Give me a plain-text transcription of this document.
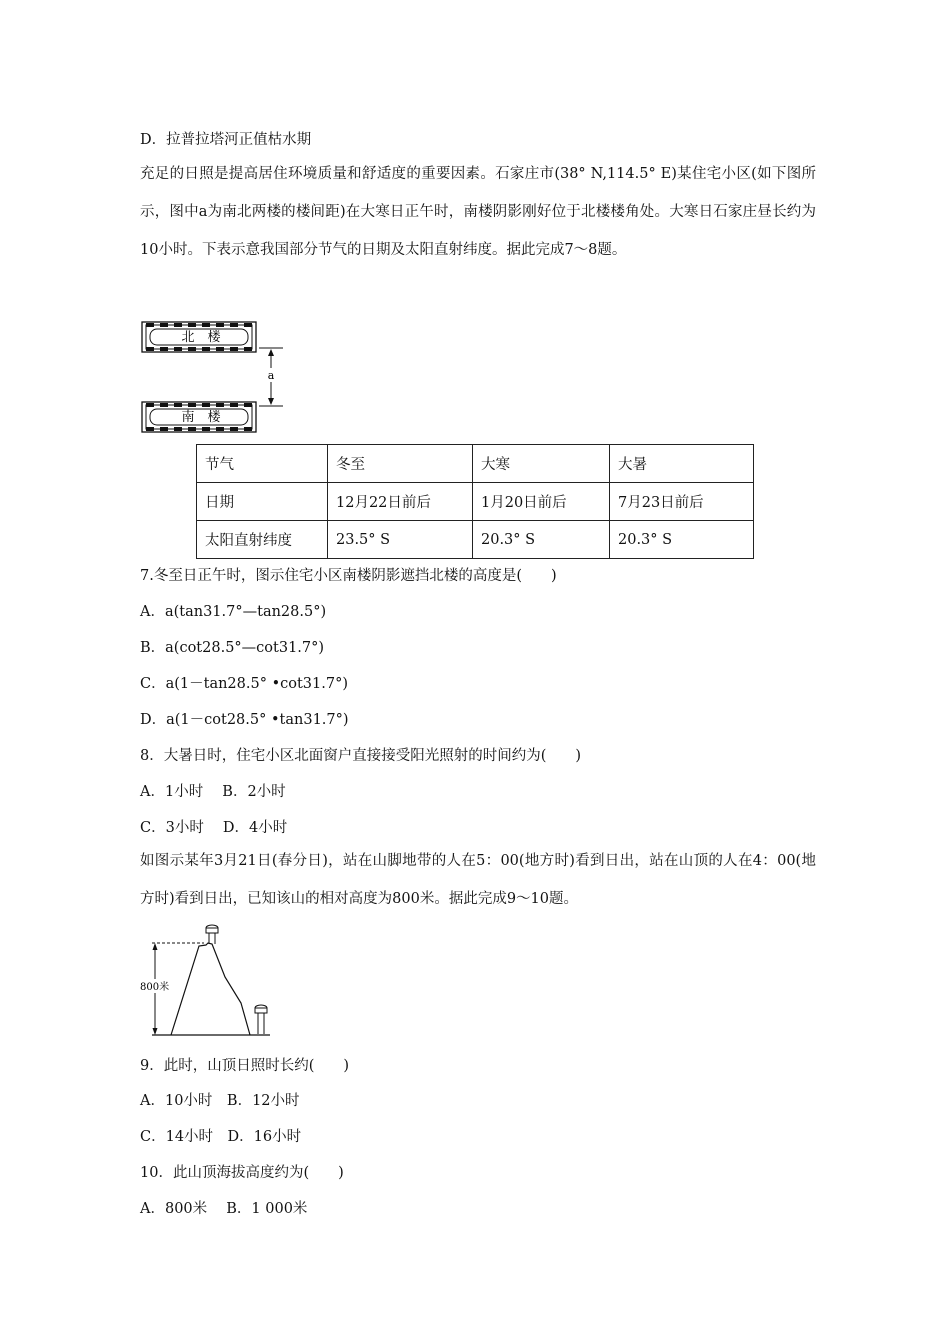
D．拉普拉塔河正值枯水期
充足的日照是提高居住环境质量和舒适度的重要因素。石家庄市(38° N,114.5° E)某住宅小区(如下图所示，图中a为南北两楼的楼间距)在大寒日正午时，南楼阴影刚好位于北楼楼角处。大寒日石家庄昼长约为10小时。下表示意我国部分节气的日期及太阳直射纬度。据此完成7～8题。
北　楼
南　楼
a
节气	冬至	大寒	大暑
日期	12月22日前后	1月20日前后	7月23日前后
太阳直射纬度	23.5° S	20.3° S	20.3° S
7.冬至日正午时，图示住宅小区南楼阴影遮挡北楼的高度是(　　)
A．a(tan31.7°—tan28.5°)
B．a(cot28.5°—cot31.7°)
C．a(1－tan28.5° •cot31.7°)
D．a(1－cot28.5° •tan31.7°)
8．大暑日时，住宅小区北面窗户直接接受阳光照射的时间约为(　　)
A．1小时　 B．2小时
C．3小时　 D．4小时
如图示某年3月21日(春分日)，站在山脚地带的人在5：00(地方时)看到日出，站在山顶的人在4：00(地方时)看到日出，已知该山的相对高度为800米。据此完成9～10题。
800米
9．此时，山顶日照时长约(　　)
A．10小时　B．12小时
C．14小时　D．16小时
10．此山顶海拔高度约为(　　)
A．800米　 B．1 000米
